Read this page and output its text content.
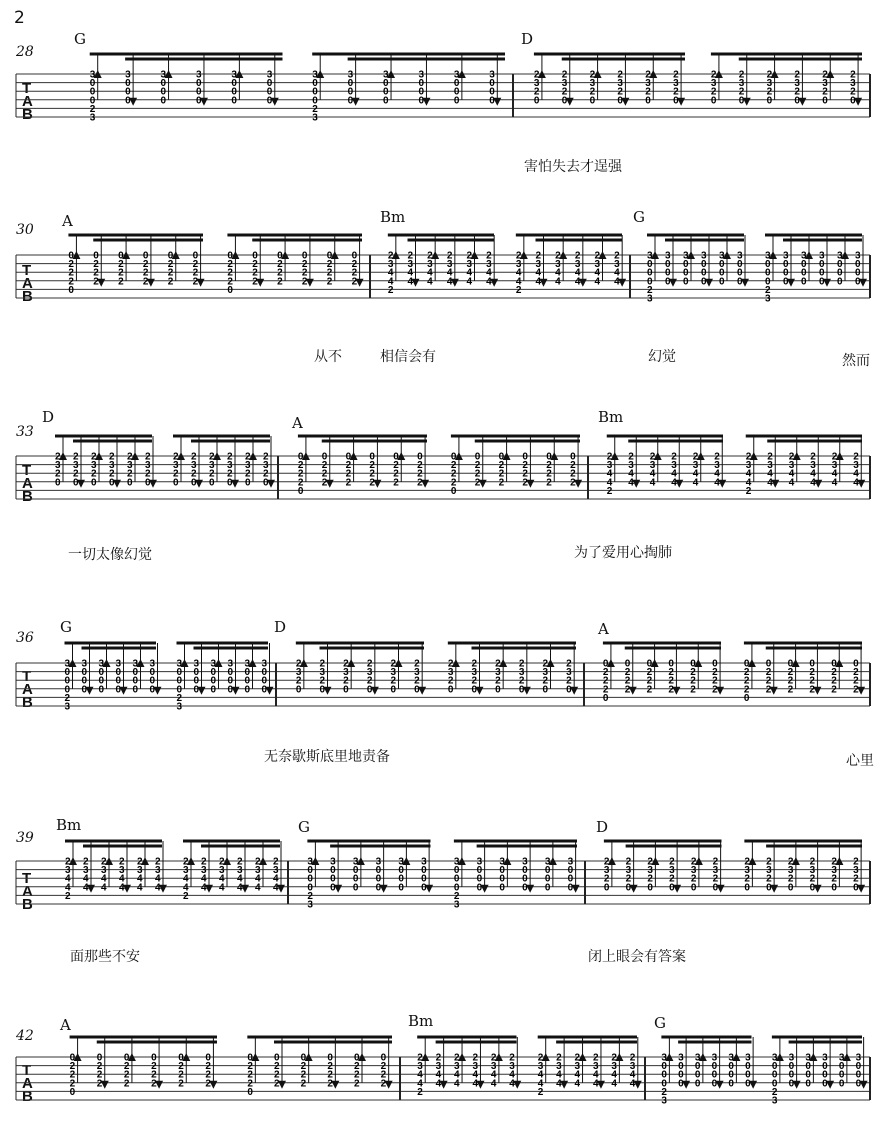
2
28
G	D
T
A
B
害怕失去才逞强
30 A	Bm	G
T
A
B
从不	相信会有	幻觉	然而
33
D	A	Bm
T
A
B
一切太像幻觉	为了爱用心掏肺
36
G	D	A
T
A
B
无奈歇斯底里地责备	心里
39
Bm	G	D
T
A
B
面那些不安	闭上眼会有答案
42
A	Bm	G
T
A
B
3
0
0
0
2
3
3
0
0
0
3
0
0
0
3
0
0
0
3
0
0
0
3
0
0
0
3
0
0
0
2
3
3
0
0
0
3
0
0
0
3
0
0
0
3
0
0
0
3
0
0
0
2
3
2
0
2
3
2
0
2
3
2
0
2
3
2
0
2
3
2
0
2
3
2
0
2
3
2
0
2
3
2
0
2
3
2
0
2
3
2
0
2
3
2
0
2
3
2
0
0
2
2
2
0
0
2
2
2
0
2
2
2
0
2
2
2
0
2
2
2
0
2
2
2
0
2
2
2
0
0
2
2
2
0
2
2
2
0
2
2
2
0
2
2
2
0
2
2
2
2
3
4
4
2
2
3
4
4
2
3
4
4
2
3
4
4
2
3
4
4
2
3
4
4
2
3
4
4
2
2
3
4
4
2
3
4
4
2
3
4
4
2
3
4
4
2
3
4
4
3
0
0
0
2
3
3
0
0
0
3
0
0
0
3
0
0
0
3
0
0
0
3
0
0
0
3
0
0
0
2
3
3
0
0
0
3
0
0
0
3
0
0
0
3
0
0
0
3
0
0
0
2
3
2
0
2
3
2
0
2
3
2
0
2
3
2
0
2
3
2
0
2
3
2
0
2
3
2
0
2
3
2
0
2
3
2
0
2
3
2
0
2
3
2
0
2
3
2
0
0
2
2
2
0
0
2
2
2
0
2
2
2
0
2
2
2
0
2
2
2
0
2
2
2
0
2
2
2
0
0
2
2
2
0
2
2
2
0
2
2
2
0
2
2
2
0
2
2
2
2
3
4
4
2
2
3
4
4
2
3
4
4
2
3
4
4
2
3
4
4
2
3
4
4
2
3
4
4
2
2
3
4
4
2
3
4
4
2
3
4
4
2
3
4
4
2
3
4
4
3
0
0
0
2
3
3
0
0
0
3
0
0
0
3
0
0
0
3
0
0
0
3
0
0
0
3
0
0
0
2
3
3
0
0
0
3
0
0
0
3
0
0
0
3
0
0
0
3
0
0
0
2
3
2
0
2
3
2
0
2
3
2
0
2
3
2
0
2
3
2
0
2
3
2
0
2
3
2
0
2
3
2
0
2
3
2
0
2
3
2
0
2
3
2
0
2
3
2
0
0
2
2
2
0
0
2
2
2
0
2
2
2
0
2
2
2
0
2
2
2
0
2
2
2
0
2
2
2
0
0
2
2
2
0
2
2
2
0
2
2
2
0
2
2
2
0
2
2
2
2
3
4
4
2
2
3
4
4
2
3
4
4
2
3
4
4
2
3
4
4
2
3
4
4
2
3
4
4
2
2
3
4
4
2
3
4
4
2
3
4
4
2
3
4
4
2
3
4
4
3
0
0
0
2
3
3
0
0
0
3
0
0
0
3
0
0
0
3
0
0
0
3
0
0
0
3
0
0
0
2
3
3
0
0
0
3
0
0
0
3
0
0
0
3
0
0
0
3
0
0
0
2
3
2
0
2
3
2
0
2
3
2
0
2
3
2
0
2
3
2
0
2
3
2
0
2
3
2
0
2
3
2
0
2
3
2
0
2
3
2
0
2
3
2
0
2
3
2
0
0
2
2
2
0
0
2
2
2
0
2
2
2
0
2
2
2
0
2
2
2
0
2
2
2
0
2
2
2
0
0
2
2
2
0
2
2
2
0
2
2
2
0
2
2
2
0
2
2
2
2
3
4
4
2
2
3
4
4
2
3
4
4
2
3
4
4
2
3
4
4
2
3
4
4
2
3
4
4
2
2
3
4
4
2
3
4
4
2
3
4
4
2
3
4
4
2
3
4
4
3
0
0
0
2
3
3
0
0
0
3
0
0
0
3
0
0
0
3
0
0
0
3
0
0
0
3
0
0
0
2
3
3
0
0
0
3
0
0
0
3
0
0
0
3
0
0
0
3
0
0
0
